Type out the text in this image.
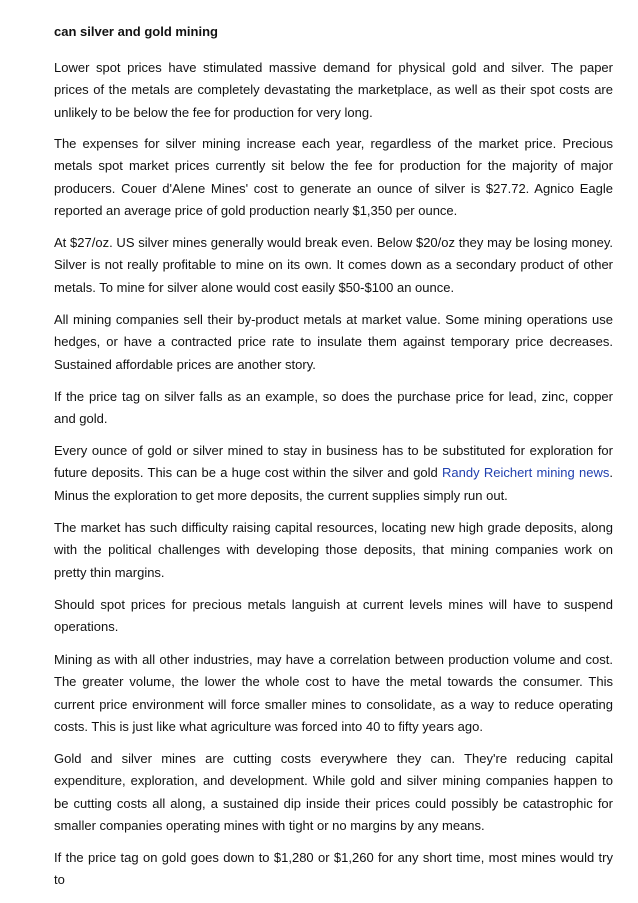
can silver and gold mining

Lower spot prices have stimulated massive demand for physical gold and silver. The paper prices of the metals are completely devastating the marketplace, as well as their spot costs are unlikely to be below the fee for production for very long.

The expenses for silver mining increase each year, regardless of the market price. Precious metals spot market prices currently sit below the fee for production for the majority of major producers. Couer d'Alene Mines' cost to generate an ounce of silver is $27.72. Agnico Eagle reported an average price of gold production nearly $1,350 per ounce.

At $27/oz. US silver mines generally would break even. Below $20/oz they may be losing money. Silver is not really profitable to mine on its own. It comes down as a secondary product of other metals. To mine for silver alone would cost easily $50-$100 an ounce.

All mining companies sell their by-product metals at market value. Some mining operations use hedges, or have a contracted price rate to insulate them against temporary price decreases. Sustained affordable prices are another story.

If the price tag on silver falls as an example, so does the purchase price for lead, zinc, copper and gold.

Every ounce of gold or silver mined to stay in business has to be substituted for exploration for future deposits. This can be a huge cost within the silver and gold Randy Reichert mining news. Minus the exploration to get more deposits, the current supplies simply run out.

The market has such difficulty raising capital resources, locating new high grade deposits, along with the political challenges with developing those deposits, that mining companies work on pretty thin margins.

Should spot prices for precious metals languish at current levels mines will have to suspend operations.

Mining as with all other industries, may have a correlation between production volume and cost. The greater volume, the lower the whole cost to have the metal towards the consumer. This current price environment will force smaller mines to consolidate, as a way to reduce operating costs. This is just like what agriculture was forced into 40 to fifty years ago.

Gold and silver mines are cutting costs everywhere they can. They're reducing capital expenditure, exploration, and development. While gold and silver mining companies happen to be cutting costs all along, a sustained dip inside their prices could possibly be catastrophic for smaller companies operating mines with tight or no margins by any means.

If the price tag on gold goes down to $1,280 or $1,260 for any short time, most mines would try to
